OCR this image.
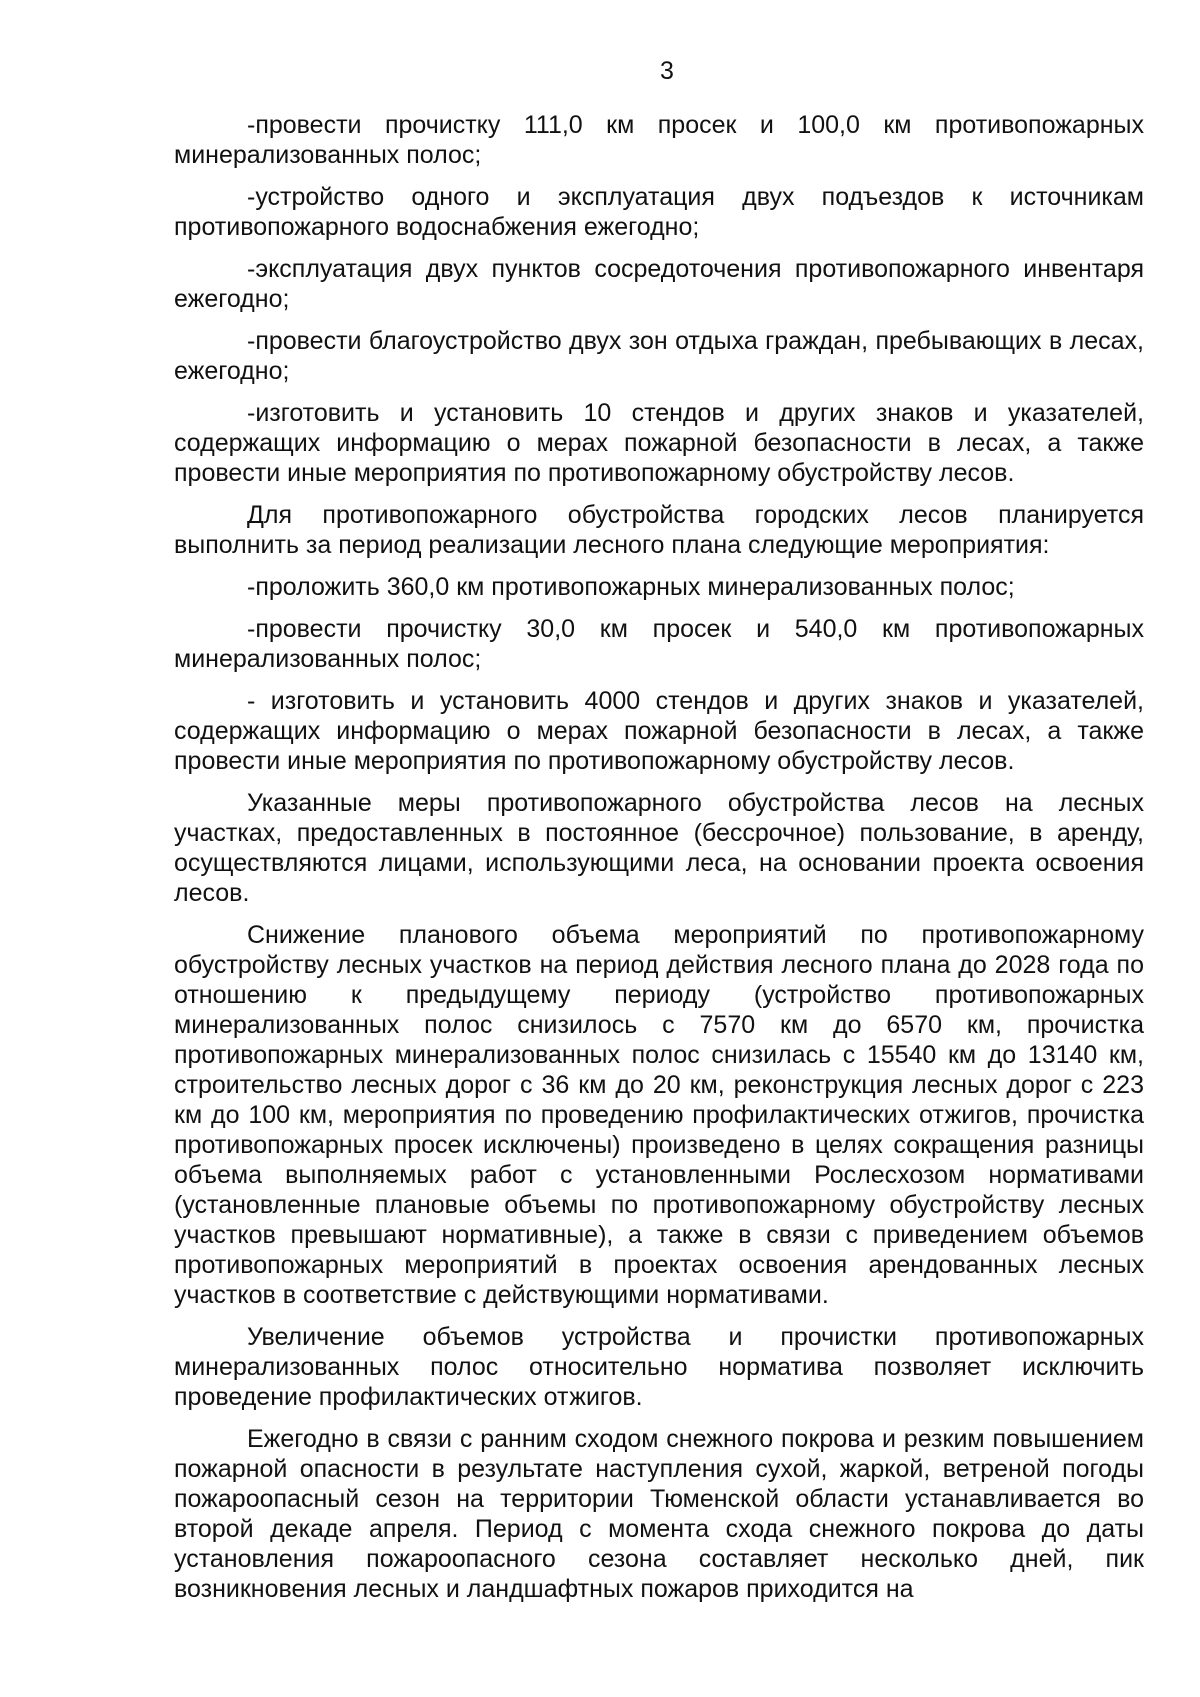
3

-провести прочистку 111,0 км просек и 100,0 км противопожарных минерализованных полос;

-устройство одного и эксплуатация двух подъездов к источникам противопожарного водоснабжения ежегодно;

-эксплуатация двух пунктов сосредоточения противопожарного инвентаря ежегодно;

-провести благоустройство двух зон отдыха граждан, пребывающих в лесах, ежегодно;

-изготовить и установить 10 стендов и других знаков и указателей, содержащих информацию о мерах пожарной безопасности в лесах, а также провести иные мероприятия по противопожарному обустройству лесов.

Для противопожарного обустройства городских лесов планируется выполнить за период реализации лесного плана следующие мероприятия:

-проложить 360,0 км противопожарных минерализованных полос;

-провести прочистку 30,0 км просек и 540,0 км противопожарных минерализованных полос;

- изготовить и установить 4000 стендов и других знаков и указателей, содержащих информацию о мерах пожарной безопасности в лесах, а также провести иные мероприятия по противопожарному обустройству лесов.

Указанные меры противопожарного обустройства лесов на лесных участках, предоставленных в постоянное (бессрочное) пользование, в аренду, осуществляются лицами, использующими леса, на основании проекта освоения лесов.

Снижение планового объема мероприятий по противопожарному обустройству лесных участков на период действия лесного плана до 2028 года по отношению к предыдущему периоду (устройство противопожарных минерализованных полос снизилось с 7570 км до 6570 км, прочистка противопожарных минерализованных полос снизилась с 15540 км до 13140 км, строительство лесных дорог с 36 км до 20 км, реконструкция лесных дорог с 223 км до 100 км, мероприятия по проведению профилактических отжигов, прочистка противопожарных просек исключены) произведено в целях сокращения разницы объема выполняемых работ с установленными Рослесхозом нормативами (установленные плановые объемы по противопожарному обустройству лесных участков превышают нормативные), а также в связи с приведением объемов противопожарных мероприятий в проектах освоения арендованных лесных участков в соответствие с действующими нормативами.

Увеличение объемов устройства и прочистки противопожарных минерализованных полос относительно норматива позволяет исключить проведение профилактических отжигов.

Ежегодно в связи с ранним сходом снежного покрова и резким повышением пожарной опасности в результате наступления сухой, жаркой, ветреной погоды пожароопасный сезон на территории Тюменской области устанавливается во второй декаде апреля. Период с момента схода снежного покрова до даты установления пожароопасного сезона составляет несколько дней, пик возникновения лесных и ландшафтных пожаров приходится на
